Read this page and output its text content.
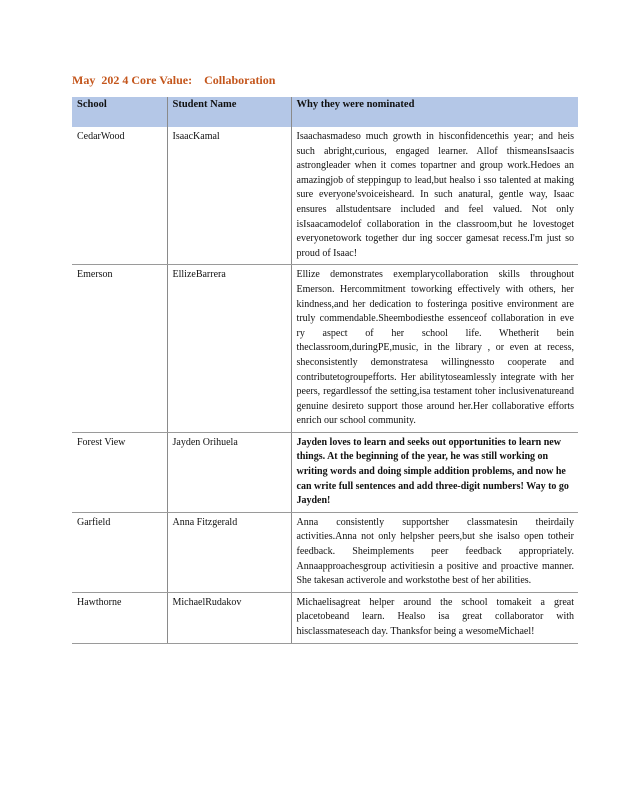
May  202 4 Core Value:    Collaboration
School	Student Name	Why they were nominated
CedarWood	IsaacKamal	Isaachasmadeso much growth in hisconfidencethis year; and heis such abright,curious, engaged learner. Allof thismeansIsaacis astrongleader when it comes topartner and group work.Hedoes an amazingjob of steppingup to lead,but healso i sso talented at making sure everyone'svoiceisheard. In such anatural, gentle way, Isaac ensures allstudentsare included and feel valued. Not only isIsaacamodelof collaboration in the classroom,but he lovestoget everyonetowork together dur ing soccer gamesat recess.I'm just so proud of Isaac!
Emerson	EllizeBarrera	Ellize demonstrates exemplarycollaboration skills throughout Emerson. Hercommitment toworking effectively with others, her kindness,and her dedication to fosteringa positive environment are truly commendable.Sheembodiesthe essenceof collaboration in eve ry aspect of her school life. Whetherit bein theclassroom,duringPE,music, in the library , or even at recess, sheconsistently demonstratesa willingnessto cooperate and contributetogroupefforts. Her abilitytoseamlessly integrate with her peers, regardlessof the setting,isa testament toher inclusivenatureand genuine desireto support those around her.Her collaborative efforts enrich our school community.
Forest View	Jayden Orihuela	Jayden loves to learn and seeks out opportunities to learn new things. At the beginning of the year, he was still working on writing words and doing simple addition problems, and now he can write full sentences and add three-digit numbers! Way to go Jayden!
Garfield	Anna Fitzgerald	Anna consistently supportsher classmatesin theirdaily activities.Anna not only helpsher peers,but she isalso open totheir feedback. Sheimplements peer feedback appropriately. Annaapproachesgroup activitiesin a positive and proactive manner. She takesan activerole and workstothe best of her abilities.
Hawthorne	MichaelRudakov	Michaelisagreat helper around the school tomakeit a great placetobeand learn. Healso isa great collaborator with hisclassmateseach day. Thanksfor being a wesomeMichael!
